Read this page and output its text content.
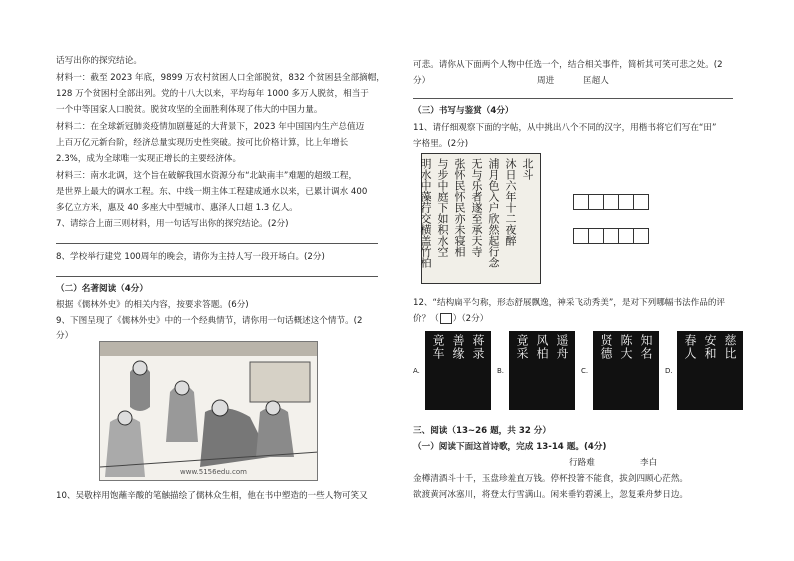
话写出你的探究结论。
材料一：截至 2023 年底，9899 万农村贫困人口全部脱贫，832 个贫困县全部摘帽，
128 万个贫困村全部出列。党的十八大以来，平均每年 1000 多万人脱贫，相当于
一个中等国家人口脱贫。脱贫攻坚的全面胜利体现了伟大的中国力量。
材料二：在全球新冠肺炎疫情加剧蔓延的大背景下，2023 年中国国内生产总值迈
上百万亿元新台阶，经济总量实现历史性突破。按可比价格计算，比上年增长
2.3%，成为全球唯一实现正增长的主要经济体。
材料三：南水北调，这个旨在破解我国水资源分布“北缺南丰”难题的超级工程，
是世界上最大的调水工程。东、中线一期主体工程建成通水以来，已累计调水 400
多亿立方米，惠及 40 多座大中型城市、惠泽人口超 1.3 亿人。
7、请综合上面三则材料，用一句话写出你的探究结论。(2分)
8、学校举行建党 100周年的晚会，请你为主持人写一段开场白。(2分)
（二）名著阅读（4分）
根据《儒林外史》的相关内容，按要求答题。(6分)
9、下图呈现了《儒林外史》中的一个经典情节，请你用一句话概述这个情节。(2
分）
www.5156edu.com
10、吴敬梓用饱蘸辛酸的笔触描绘了儒林众生相，他在书中塑造的一些人物可笑又
可悲。请你从下面两个人物中任选一个，结合相关事件，简析其可笑可悲之处。(2
分）	周进	匡超人
（三）书写与鉴赏（4分）
11、请仔细观察下面的字帖，从中挑出八个不同的汉字，用楷书将它们写在“田”
字格里。(2分)
北斗
沐日六年十二夜醉
浦月色入户欣然起行念
无与乐者遂至承天寺
张怀民怀民亦未寝相
与步中庭下如积水空
明水中藻荇交横盖竹柏
12、“结构扁平匀称，形态舒展飘逸，神采飞动秀美”，是对下列哪幅书法作品的评
价？（ ）（2分）
A.
蒋录
善缘
竟车
B.
遥舟
风柏
竟采
C.
知名
陈大
贤德
D.
慈比
安和
春人
三、阅读（13~26 题，共 32 分）
（一）阅读下面这首诗歌，完成 13-14 题。(4分)
行路难	李白
金樽清酒斗十千，玉盘珍羞直万钱。停杯投箸不能食，拔剑四顾心茫然。
欲渡黄河冰塞川，将登太行雪满山。闲来垂钓碧溪上，忽复乘舟梦日边。
